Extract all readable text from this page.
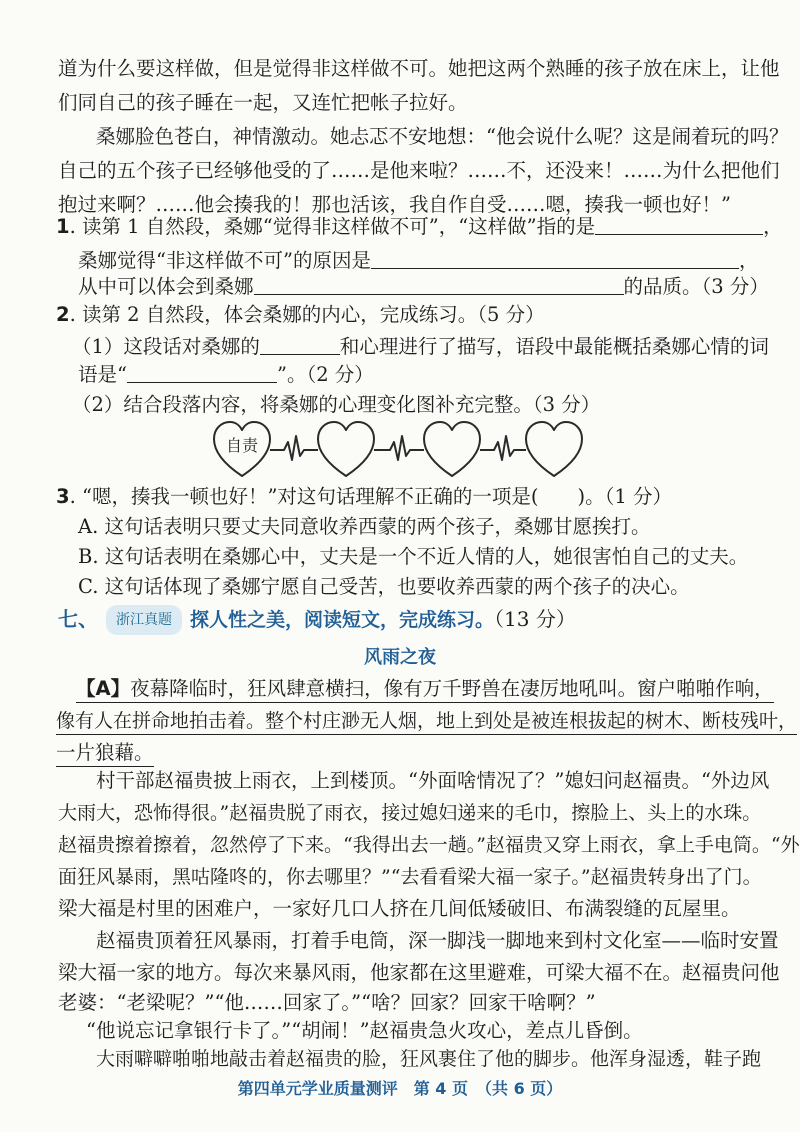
道为什么要这样做，但是觉得非这样做不可。她把这两个熟睡的孩子放在床上，让他
们同自己的孩子睡在一起，又连忙把帐子拉好。
桑娜脸色苍白，神情激动。她忐忑不安地想：“他会说什么呢？这是闹着玩的吗？
自己的五个孩子已经够他受的了……是他来啦？……不，还没来！……为什么把他们
抱过来啊？……他会揍我的！那也活该，我自作自受……嗯，揍我一顿也好！”
1. 读第 1 自然段，桑娜“觉得非这样做不可”，“这样做”指的是	，
桑娜觉得“非这样做不可”的原因是	，
从中可以体会到桑娜	的品质。（3 分）
2. 读第 2 自然段，体会桑娜的内心，完成练习。（5 分）
（1）这段话对桑娜的	和心理进行了描写，语段中最能概括桑娜心情的词
语是“	”。（2 分）
（2）结合段落内容，将桑娜的心理变化图补充完整。（3 分）
自责
3. “嗯，揍我一顿也好！”对这句话理解不正确的一项是(　　)。（1 分）
A. 这句话表明只要丈夫同意收养西蒙的两个孩子，桑娜甘愿挨打。
B. 这句话表明在桑娜心中，丈夫是一个不近人情的人，她很害怕自己的丈夫。
C. 这句话体现了桑娜宁愿自己受苦，也要收养西蒙的两个孩子的决心。
七、 浙江真题 探人性之美，阅读短文，完成练习。（13 分）
风雨之夜
【A】夜幕降临时，狂风肆意横扫，像有万千野兽在凄厉地吼叫。窗户啪啪作响，
像有人在拼命地拍击着。整个村庄渺无人烟，地上到处是被连根拔起的树木、断枝残叶，
一片狼藉。
村干部赵福贵披上雨衣，上到楼顶。“外面啥情况了？”媳妇问赵福贵。“外边风
大雨大，恐怖得很。”赵福贵脱了雨衣，接过媳妇递来的毛巾，擦脸上、头上的水珠。
赵福贵擦着擦着，忽然停了下来。“我得出去一趟。”赵福贵又穿上雨衣，拿上手电筒。“外
面狂风暴雨，黑咕隆咚的，你去哪里？”“去看看梁大福一家子。”赵福贵转身出了门。
梁大福是村里的困难户，一家好几口人挤在几间低矮破旧、布满裂缝的瓦屋里。
赵福贵顶着狂风暴雨，打着手电筒，深一脚浅一脚地来到村文化室——临时安置
梁大福一家的地方。每次来暴风雨，他家都在这里避难，可梁大福不在。赵福贵问他
老婆：“老梁呢？”“他……回家了。”“啥？回家？回家干啥啊？”
“他说忘记拿银行卡了。”“胡闹！”赵福贵急火攻心，差点儿昏倒。
大雨噼噼啪啪地敲击着赵福贵的脸，狂风裹住了他的脚步。他浑身湿透，鞋子跑
第四单元学业质量测评 第 4 页 （共 6 页）
